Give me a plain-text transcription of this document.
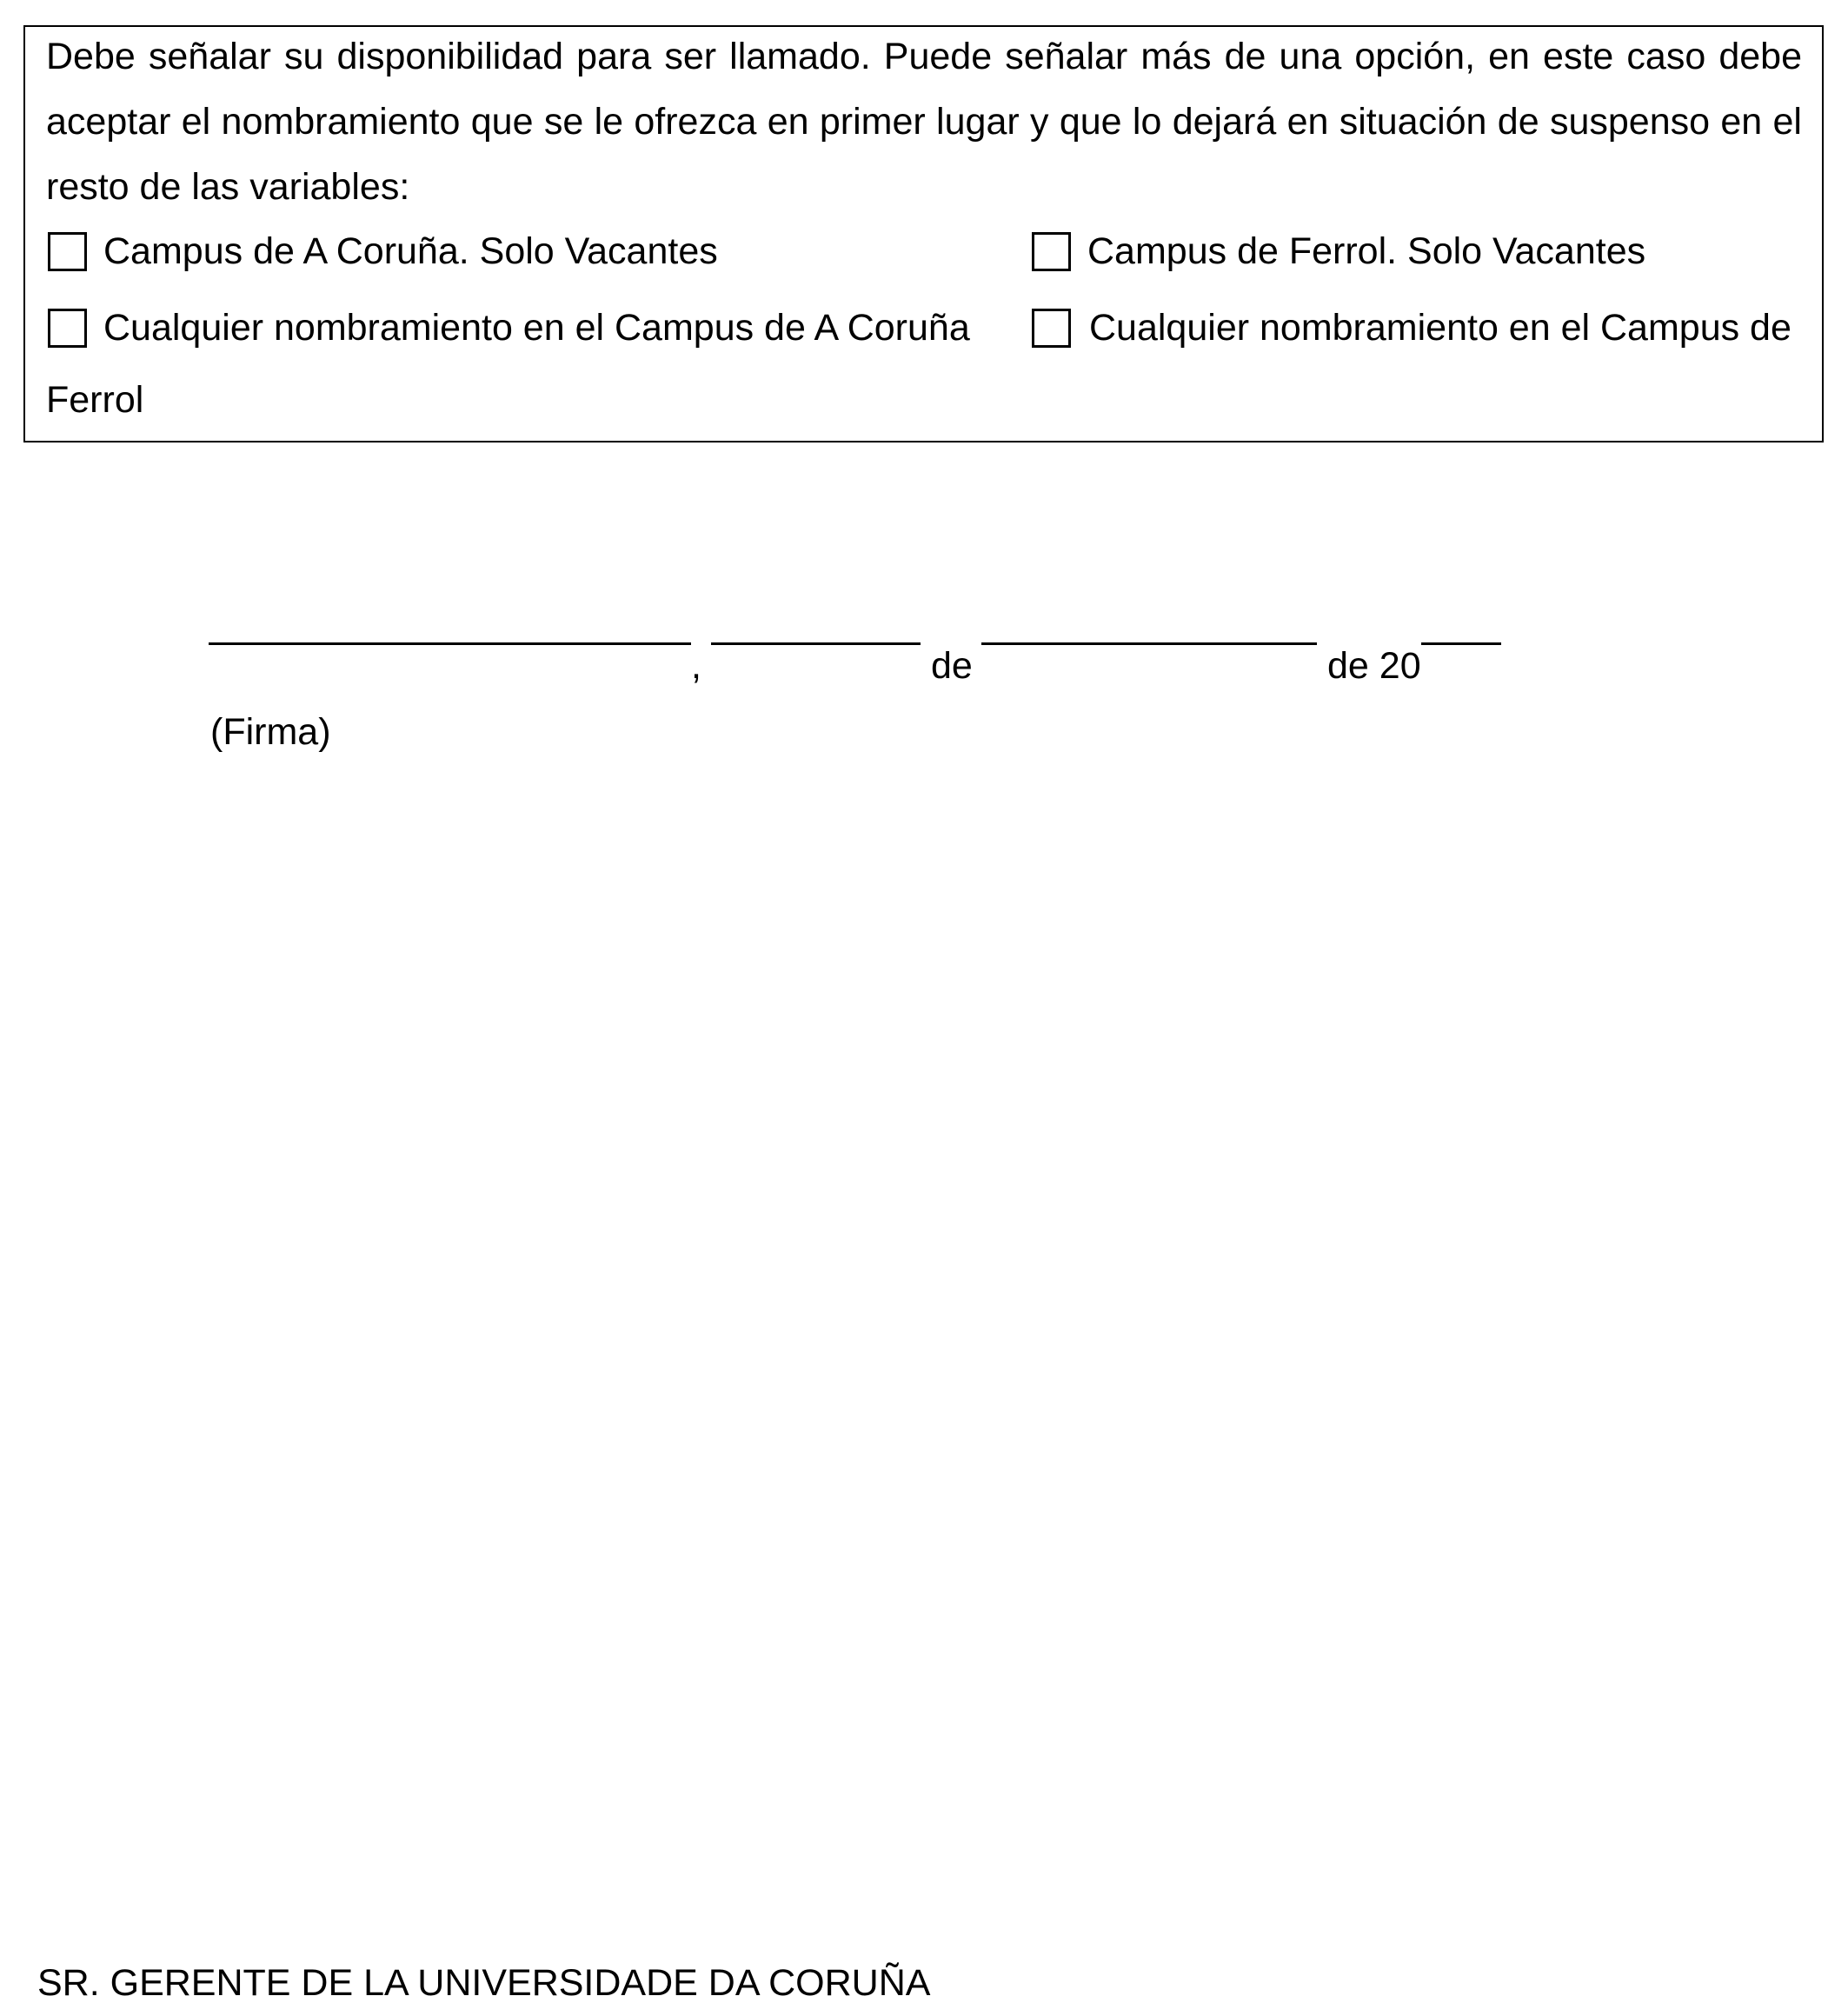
Debe señalar su disponibilidad para ser llamado. Puede señalar más de una opción, en este caso debe aceptar el nombramiento que se le ofrezca en primer lugar y que lo dejará en situación de suspenso en el resto de las variables:

Campus de A Coruña. Solo Vacantes	Campus de Ferrol. Solo Vacantes
Cualquier nombramiento en el Campus de A Coruña	Cualquier nombramiento en el Campus de
Ferrol
,	de	de 20
(Firma)
SR. GERENTE DE LA UNIVERSIDADE DA CORUÑA
